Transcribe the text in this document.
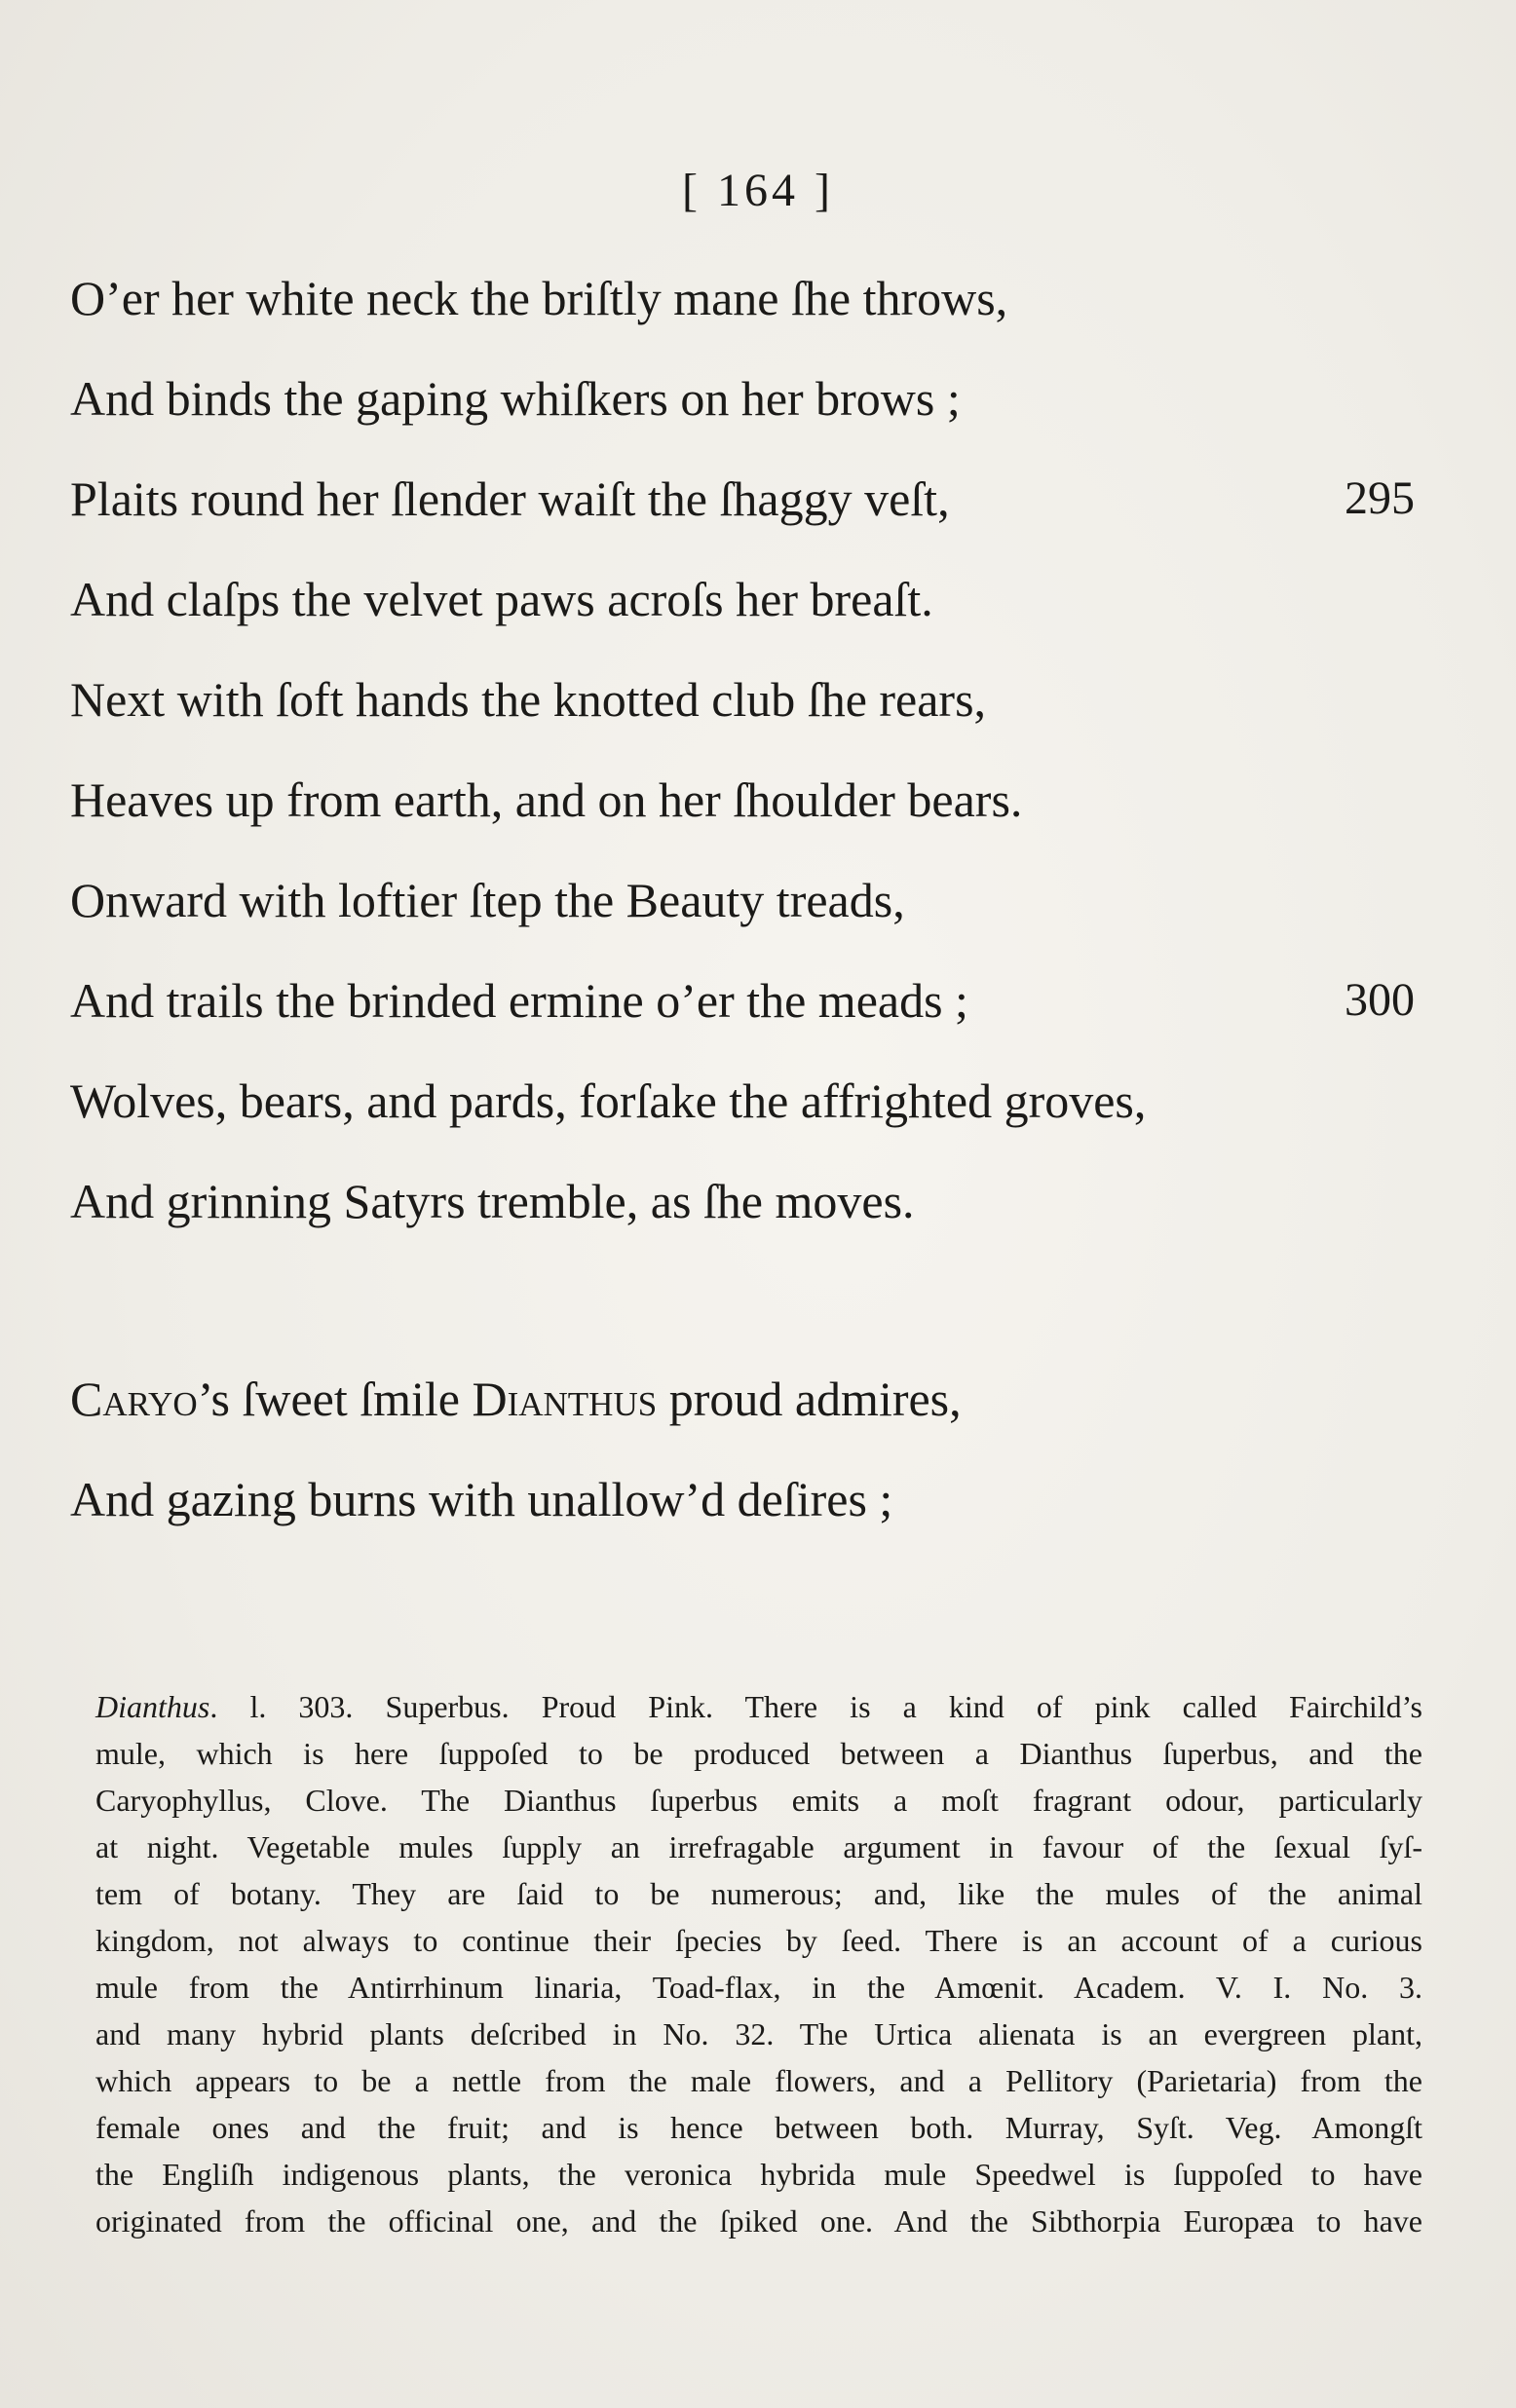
[ 164 ]
O’er her white neck the briſtly mane ſhe throws,
And binds the gaping whiſkers on her brows ;
Plaits round her ſlender waiſt the ſhaggy veſt,	295
And claſps the velvet paws acroſs her breaſt.
Next with ſoft hands the knotted club ſhe rears,
Heaves up from earth, and on her ſhoulder bears.
Onward with loftier ſtep the Beauty treads,
And trails the brinded ermine o’er the meads ;	300
Wolves, bears, and pards, forſake the affrighted groves,
And grinning Satyrs tremble, as ſhe moves.
Caryo’s ſweet ſmile Dianthus proud admires,
And gazing burns with unallow’d deſires ;
Dianthus. l. 303. Superbus. Proud Pink. There is a kind of pink called Fairchild’s
mule, which is here ſuppoſed to be produced between a Dianthus ſuperbus, and the
Caryophyllus, Clove. The Dianthus ſuperbus emits a moſt fragrant odour, particularly
at night. Vegetable mules ſupply an irrefragable argument in favour of the ſexual ſyſ-
tem of botany. They are ſaid to be numerous; and, like the mules of the animal
kingdom, not always to continue their ſpecies by ſeed. There is an account of a curious
mule from the Antirrhinum linaria, Toad-flax, in the Amœnit. Academ. V. I. No. 3.
and many hybrid plants deſcribed in No. 32. The Urtica alienata is an evergreen plant,
which appears to be a nettle from the male flowers, and a Pellitory (Parietaria) from the
female ones and the fruit; and is hence between both. Murray, Syſt. Veg. Amongſt
the Engliſh indigenous plants, the veronica hybrida mule Speedwel is ſuppoſed to have
originated from the officinal one, and the ſpiked one. And the Sibthorpia Europæa to have
